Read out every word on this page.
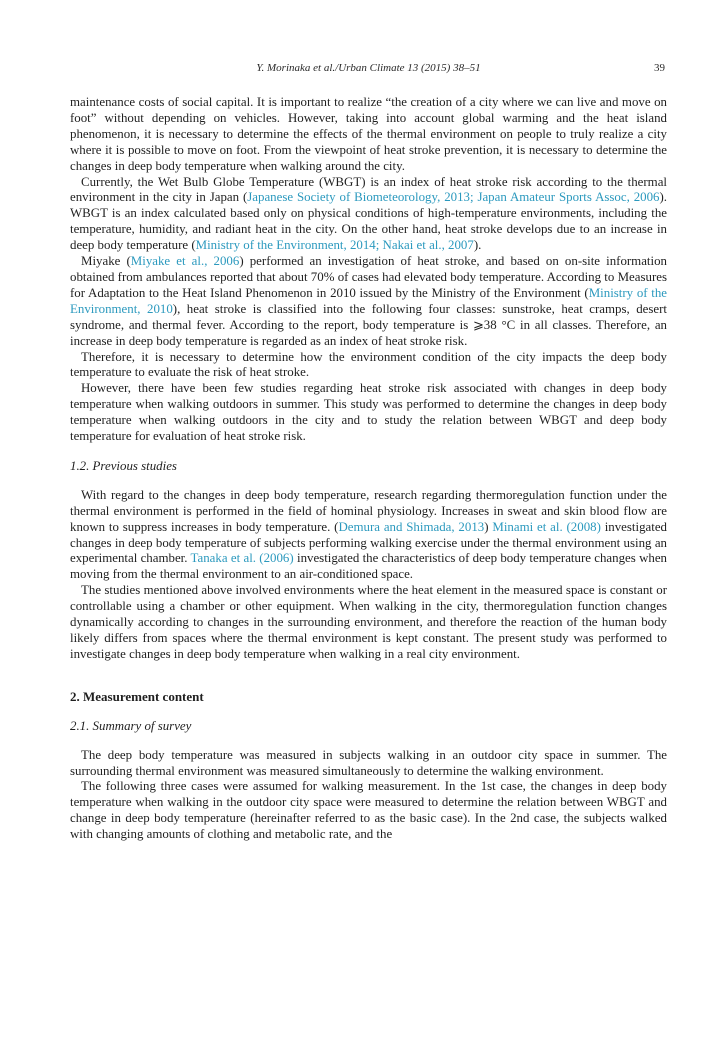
Y. Morinaka et al./Urban Climate 13 (2015) 38–51	39

maintenance costs of social capital. It is important to realize “the creation of a city where we can live and move on foot” without depending on vehicles. However, taking into account global warming and the heat island phenomenon, it is necessary to determine the effects of the thermal environment on people to truly realize a city where it is possible to move on foot. From the viewpoint of heat stroke prevention, it is necessary to determine the changes in deep body temperature when walking around the city.

Currently, the Wet Bulb Globe Temperature (WBGT) is an index of heat stroke risk according to the thermal environment in the city in Japan (Japanese Society of Biometeorology, 2013; Japan Amateur Sports Assoc, 2006). WBGT is an index calculated based only on physical conditions of high-temperature environments, including the temperature, humidity, and radiant heat in the city. On the other hand, heat stroke develops due to an increase in deep body temperature (Ministry of the Environment, 2014; Nakai et al., 2007).

Miyake (Miyake et al., 2006) performed an investigation of heat stroke, and based on on-site information obtained from ambulances reported that about 70% of cases had elevated body temperature. According to Measures for Adaptation to the Heat Island Phenomenon in 2010 issued by the Ministry of the Environment (Ministry of the Environment, 2010), heat stroke is classified into the following four classes: sunstroke, heat cramps, desert syndrome, and thermal fever. According to the report, body temperature is ⩾38 °C in all classes. Therefore, an increase in deep body temperature is regarded as an index of heat stroke risk.

Therefore, it is necessary to determine how the environment condition of the city impacts the deep body temperature to evaluate the risk of heat stroke.

However, there have been few studies regarding heat stroke risk associated with changes in deep body temperature when walking outdoors in summer. This study was performed to determine the changes in deep body temperature when walking outdoors in the city and to study the relation between WBGT and deep body temperature for evaluation of heat stroke risk.

1.2. Previous studies

With regard to the changes in deep body temperature, research regarding thermoregulation function under the thermal environment is performed in the field of hominal physiology. Increases in sweat and skin blood flow are known to suppress increases in body temperature. (Demura and Shimada, 2013) Minami et al. (2008) investigated changes in deep body temperature of subjects performing walking exercise under the thermal environment using an experimental chamber. Tanaka et al. (2006) investigated the characteristics of deep body temperature changes when moving from the thermal environment to an air-conditioned space.

The studies mentioned above involved environments where the heat element in the measured space is constant or controllable using a chamber or other equipment. When walking in the city, thermoregulation function changes dynamically according to changes in the surrounding environment, and therefore the reaction of the human body likely differs from spaces where the thermal environment is kept constant. The present study was performed to investigate changes in deep body temperature when walking in a real city environment.

2. Measurement content
2.1. Summary of survey

The deep body temperature was measured in subjects walking in an outdoor city space in summer. The surrounding thermal environment was measured simultaneously to determine the walking environment.

The following three cases were assumed for walking measurement. In the 1st case, the changes in deep body temperature when walking in the outdoor city space were measured to determine the relation between WBGT and change in deep body temperature (hereinafter referred to as the basic case). In the 2nd case, the subjects walked with changing amounts of clothing and metabolic rate, and the
